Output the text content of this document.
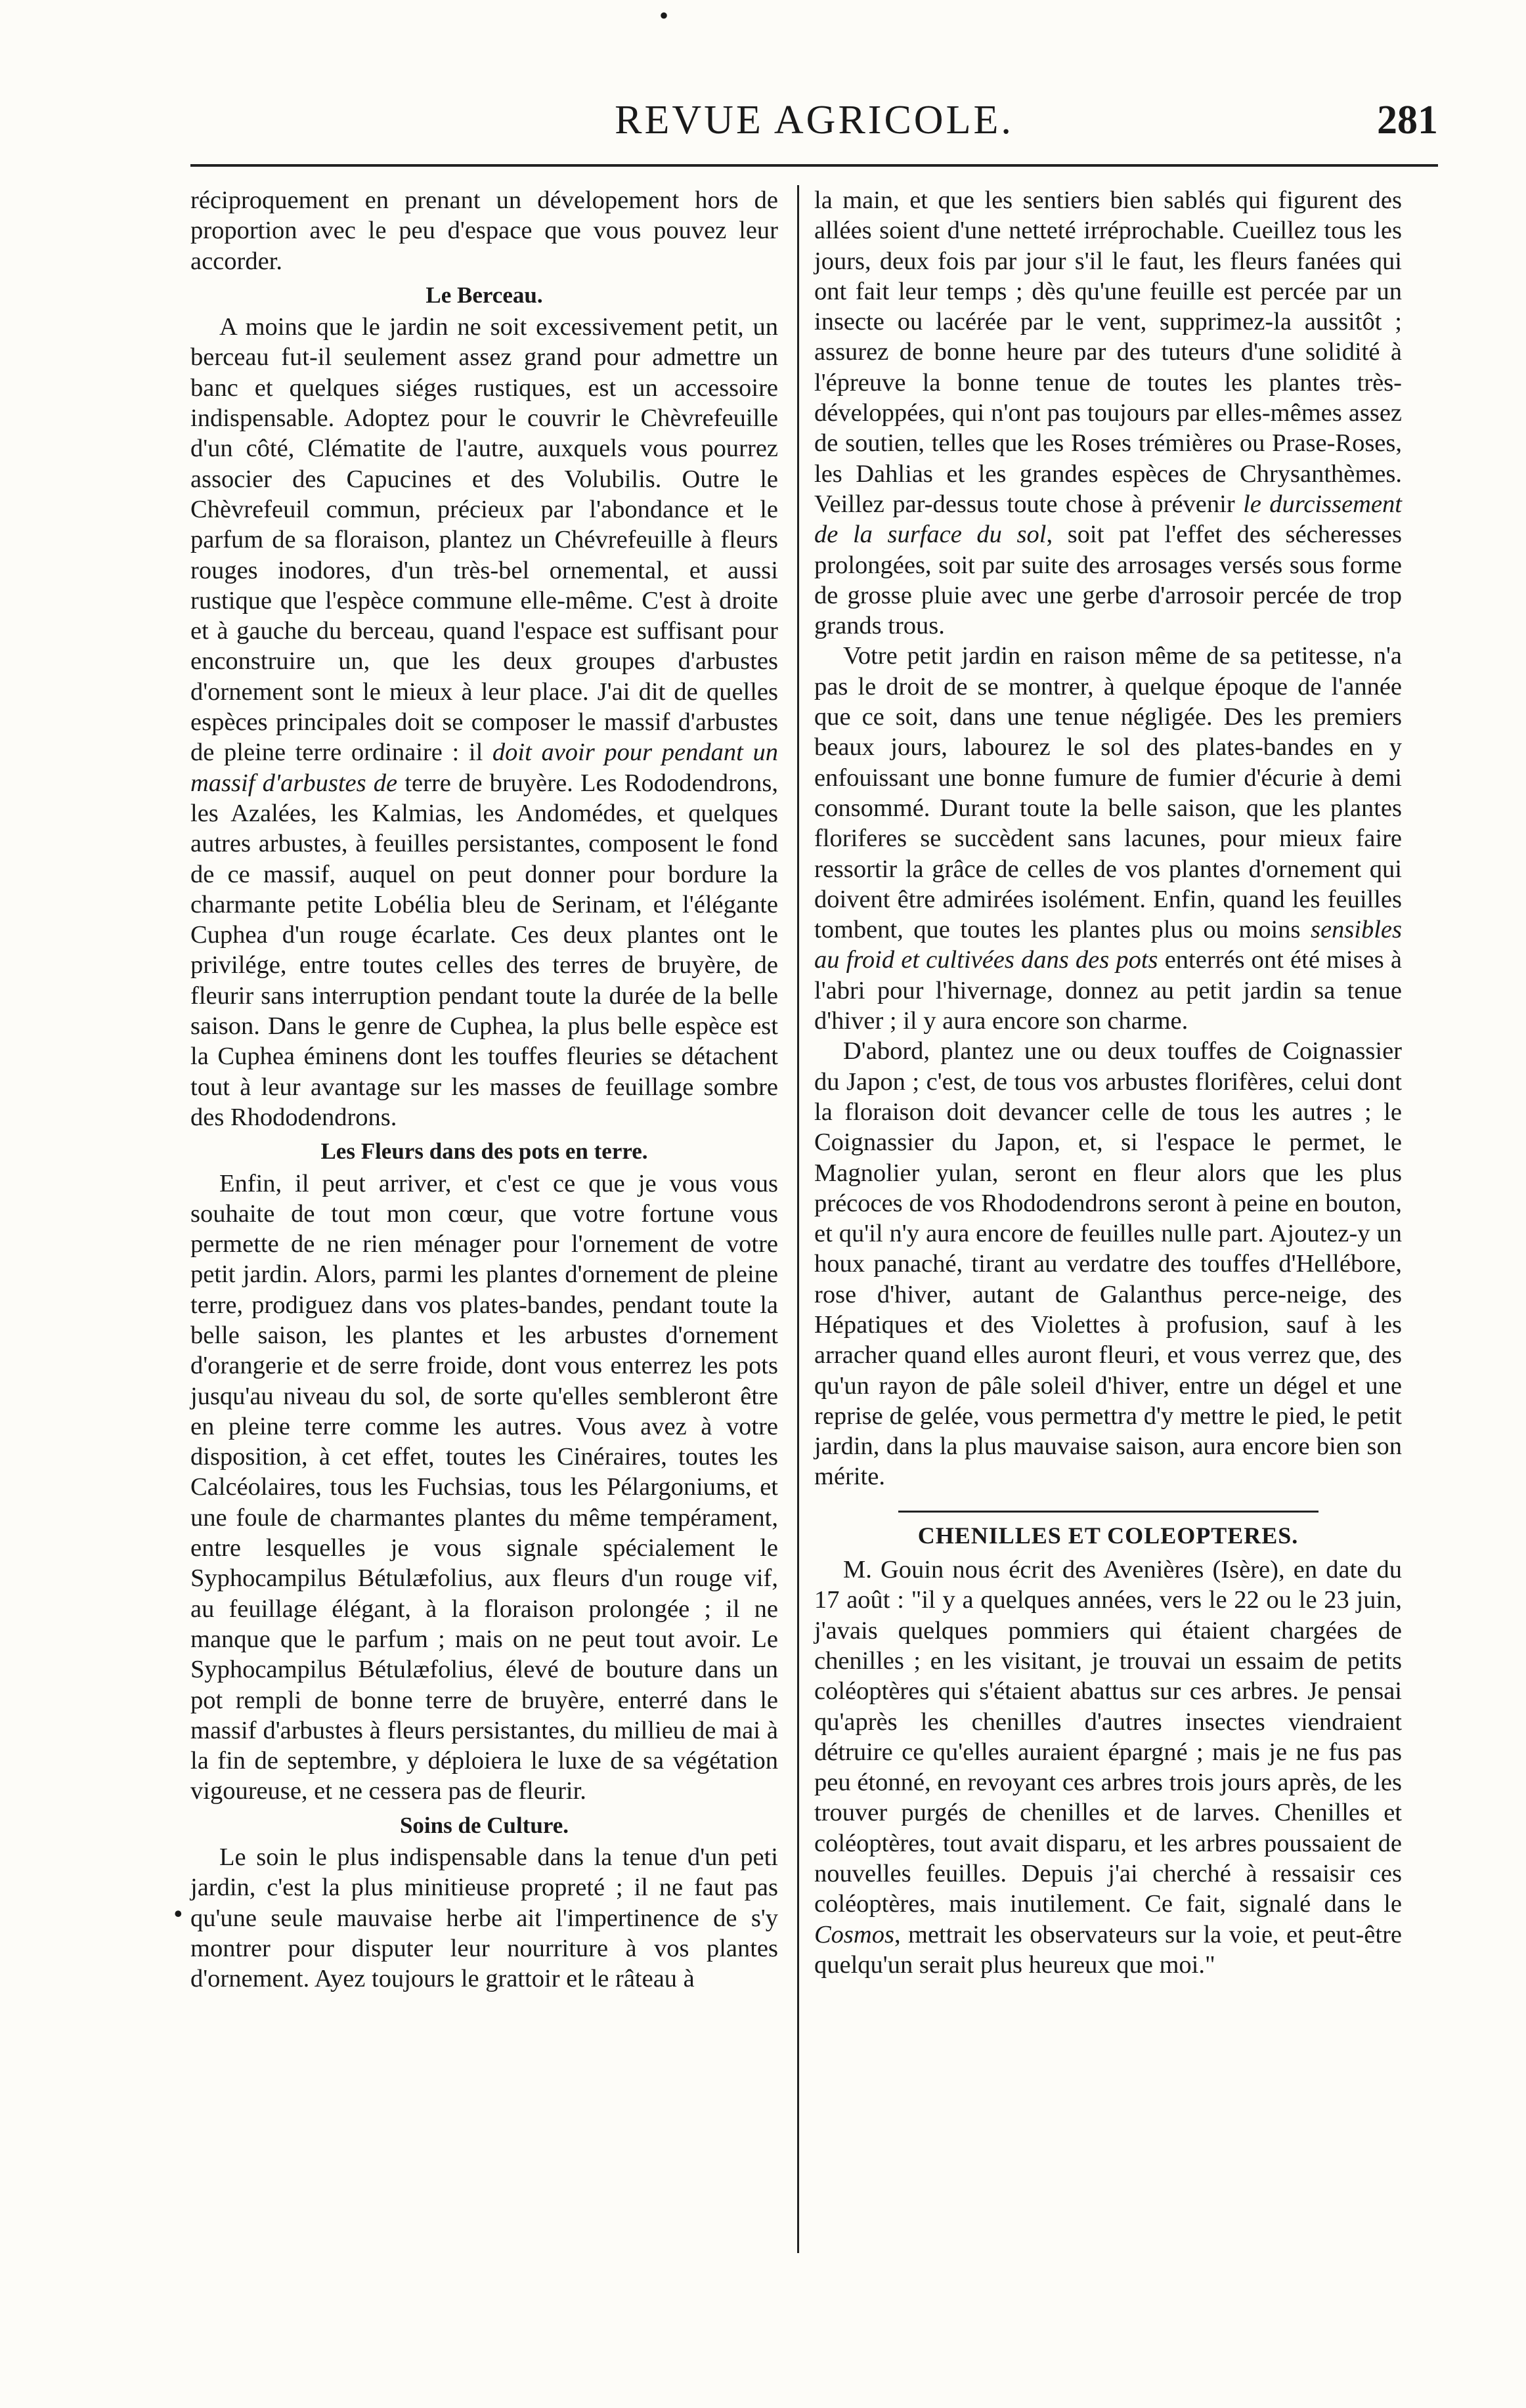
•
REVUE AGRICOLE.	281

réciproquement en prenant un dévelopement hors de proportion avec le peu d'espace que vous pouvez leur accorder.

Le Berceau.

A moins que le jardin ne soit excessivement petit, un berceau fut-il seulement assez grand pour admettre un banc et quelques siéges rustiques, est un accessoire indispensable. Adoptez pour le couvrir le Chèvrefeuille d'un côté, Clématite de l'autre, auxquels vous pourrez associer des Capucines et des Volubilis. Outre le Chèvrefeuil commun, précieux par l'abondance et le parfum de sa floraison, plantez un Chévrefeuille à fleurs rouges inodores, d'un très-bel ornemental, et aussi rustique que l'espèce commune elle-même. C'est à droite et à gauche du berceau, quand l'espace est suffisant pour enconstruire un, que les deux groupes d'arbustes d'ornement sont le mieux à leur place. J'ai dit de quelles espèces principales doit se composer le massif d'arbustes de pleine terre ordinaire : il doit avoir pour pendant un massif d'arbustes de terre de bruyère. Les Rododendrons, les Azalées, les Kalmias, les Andomédes, et quelques autres arbustes, à feuilles persistantes, composent le fond de ce massif, auquel on peut donner pour bordure la charmante petite Lobélia bleu de Serinam, et l'élégante Cuphea d'un rouge écarlate. Ces deux plantes ont le privilége, entre toutes celles des terres de bruyère, de fleurir sans interruption pendant toute la durée de la belle saison. Dans le genre de Cuphea, la plus belle espèce est la Cuphea éminens dont les touffes fleuries se détachent tout à leur avantage sur les masses de feuillage sombre des Rhododendrons.

Les Fleurs dans des pots en terre.

Enfin, il peut arriver, et c'est ce que je vous vous souhaite de tout mon cœur, que votre fortune vous permette de ne rien ménager pour l'ornement de votre petit jardin. Alors, parmi les plantes d'ornement de pleine terre, prodiguez dans vos plates-bandes, pendant toute la belle saison, les plantes et les arbustes d'ornement d'orangerie et de serre froide, dont vous enterrez les pots jusqu'au niveau du sol, de sorte qu'elles sembleront être en pleine terre comme les autres. Vous avez à votre disposition, à cet effet, toutes les Cinéraires, toutes les Calcéolaires, tous les Fuchsias, tous les Pélargoniums, et une foule de charmantes plantes du même tempérament, entre lesquelles je vous signale spécialement le Syphocampilus Bétulæfolius, aux fleurs d'un rouge vif, au feuillage élégant, à la floraison prolongée ; il ne manque que le parfum ; mais on ne peut tout avoir. Le Syphocampilus Bétulæfolius, élevé de bouture dans un pot rempli de bonne terre de bruyère, enterré dans le massif d'arbustes à fleurs persistantes, du millieu de mai à la fin de septembre, y déploiera le luxe de sa végétation vigoureuse, et ne cessera pas de fleurir.

Soins de Culture.

Le soin le plus indispensable dans la tenue d'un peti jardin, c'est la plus minitieuse propreté ; il ne faut pas qu'une seule mauvaise herbe ait l'impertinence de s'y montrer pour disputer leur nourriture à vos plantes d'ornement. Ayez toujours le grattoir et le râteau à

la main, et que les sentiers bien sablés qui figurent des allées soient d'une netteté irréprochable. Cueillez tous les jours, deux fois par jour s'il le faut, les fleurs fanées qui ont fait leur temps ; dès qu'une feuille est percée par un insecte ou lacérée par le vent, supprimez-la aussitôt ; assurez de bonne heure par des tuteurs d'une solidité à l'épreuve la bonne tenue de toutes les plantes très-développées, qui n'ont pas toujours par elles-mêmes assez de soutien, telles que les Roses trémières ou Prase-Roses, les Dahlias et les grandes espèces de Chrysanthèmes. Veillez par-dessus toute chose à prévenir le durcissement de la surface du sol, soit pat l'effet des sécheresses prolongées, soit par suite des arrosages versés sous forme de grosse pluie avec une gerbe d'arrosoir percée de trop grands trous.

Votre petit jardin en raison même de sa petitesse, n'a pas le droit de se montrer, à quelque époque de l'année que ce soit, dans une tenue négligée. Des les premiers beaux jours, labourez le sol des plates-bandes en y enfouissant une bonne fumure de fumier d'écurie à demi consommé. Durant toute la belle saison, que les plantes floriferes se succèdent sans lacunes, pour mieux faire ressortir la grâce de celles de vos plantes d'ornement qui doivent être admirées isolément. Enfin, quand les feuilles tombent, que toutes les plantes plus ou moins sensibles au froid et cultivées dans des pots enterrés ont été mises à l'abri pour l'hivernage, donnez au petit jardin sa tenue d'hiver ; il y aura encore son charme.

D'abord, plantez une ou deux touffes de Coignassier du Japon ; c'est, de tous vos arbustes florifères, celui dont la floraison doit devancer celle de tous les autres ; le Coignassier du Japon, et, si l'espace le permet, le Magnolier yulan, seront en fleur alors que les plus précoces de vos Rhododendrons seront à peine en bouton, et qu'il n'y aura encore de feuilles nulle part. Ajoutez-y un houx panaché, tirant au verdatre des touffes d'Hellébore, rose d'hiver, autant de Galanthus perce-neige, des Hépatiques et des Violettes à profusion, sauf à les arracher quand elles auront fleuri, et vous verrez que, des qu'un rayon de pâle soleil d'hiver, entre un dégel et une reprise de gelée, vous permettra d'y mettre le pied, le petit jardin, dans la plus mauvaise saison, aura encore bien son mérite.

CHENILLES ET COLEOPTERES.

M. Gouin nous écrit des Avenières (Isère), en date du 17 août : "il y a quelques années, vers le 22 ou le 23 juin, j'avais quelques pommiers qui étaient chargées de chenilles ; en les visitant, je trouvai un essaim de petits coléoptères qui s'étaient abattus sur ces arbres. Je pensai qu'après les chenilles d'autres insectes viendraient détruire ce qu'elles auraient épargné ; mais je ne fus pas peu étonné, en revoyant ces arbres trois jours après, de les trouver purgés de chenilles et de larves. Chenilles et coléoptères, tout avait disparu, et les arbres poussaient de nouvelles feuilles. Depuis j'ai cherché à ressaisir ces coléoptères, mais inutilement. Ce fait, signalé dans le Cosmos, mettrait les observateurs sur la voie, et peut-être quelqu'un serait plus heureux que moi."

•
